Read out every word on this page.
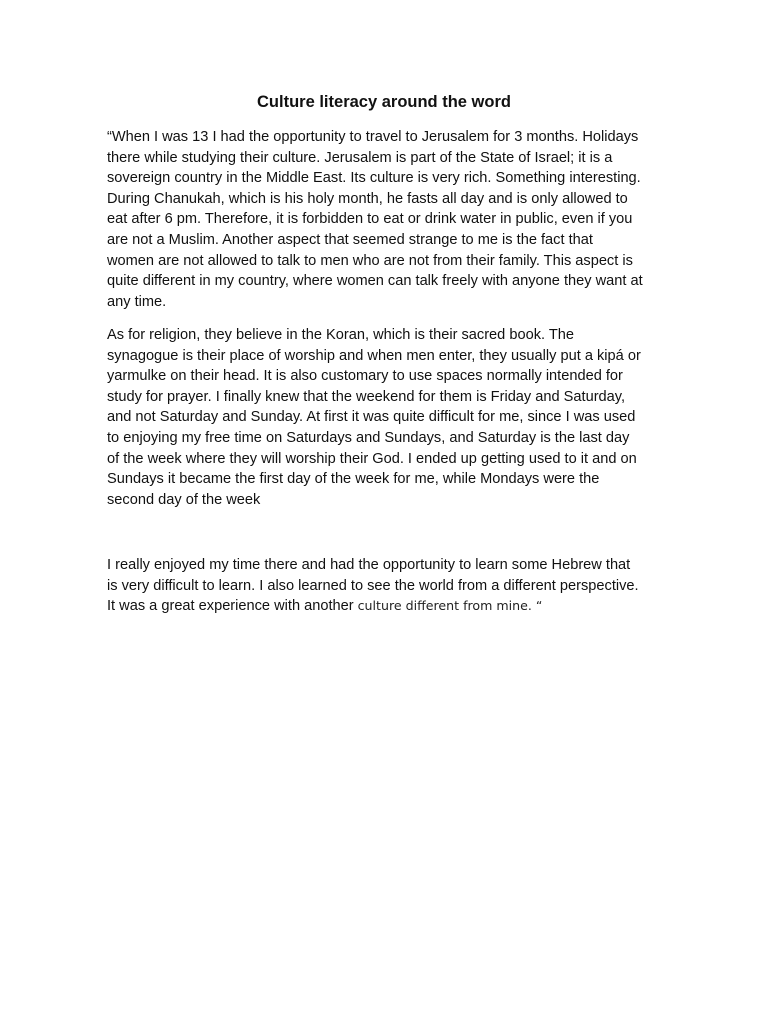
Culture literacy around the word

“When I was 13 I had the opportunity to travel to Jerusalem for 3 months. Holidays
there while studying their culture. Jerusalem is part of the State of Israel; it is a
sovereign country in the Middle East. Its culture is very rich. Something interesting.
During Chanukah, which is his holy month, he fasts all day and is only allowed to
eat after 6 pm. Therefore, it is forbidden to eat or drink water in public, even if you
are not a Muslim. Another aspect that seemed strange to me is the fact that
women are not allowed to talk to men who are not from their family. This aspect is
quite different in my country, where women can talk freely with anyone they want at
any time.

As for religion, they believe in the Koran, which is their sacred book. The
synagogue is their place of worship and when men enter, they usually put a kipá or
yarmulke on their head. It is also customary to use spaces normally intended for
study for prayer. I finally knew that the weekend for them is Friday and Saturday,
and not Saturday and Sunday. At first it was quite difficult for me, since I was used
to enjoying my free time on Saturdays and Sundays, and Saturday is the last day
of the week where they will worship their God. I ended up getting used to it and on
Sundays it became the first day of the week for me, while Mondays were the
second day of the week

I really enjoyed my time there and had the opportunity to learn some Hebrew that
is very difficult to learn. I also learned to see the world from a different perspective.
It was a great experience with another culture different from mine. “
